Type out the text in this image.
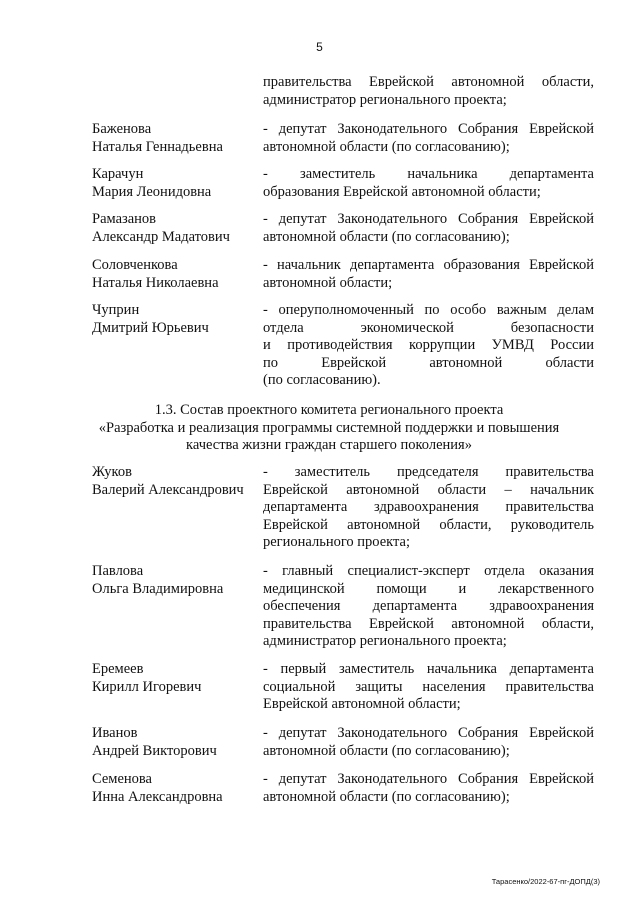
5
правительства Еврейской автономной области,
администратор регионального проекта;
Баженова
Наталья Геннадьевна
- депутат Законодательного Собрания Еврейской
автономной области (по согласованию);
Карачун
Мария Леонидовна
- заместитель начальника департамента
образования Еврейской автономной области;
Рамазанов
Александр Мадатович
- депутат Законодательного Собрания Еврейской
автономной области (по согласованию);
Соловченкова
Наталья Николаевна
- начальник департамента образования Еврейской
автономной области;
Чуприн
Дмитрий Юрьевич
- оперуполномоченный по особо важным делам
отдела экономической безопасности
и противодействия коррупции УМВД России
по Еврейской автономной области
(по согласованию).
1.3. Состав проектного комитета регионального проекта
«Разработка и реализация программы системной поддержки и повышения
качества жизни граждан старшего поколения»
Жуков
Валерий Александрович
- заместитель председателя правительства
Еврейской автономной области – начальник
департамента здравоохранения правительства
Еврейской автономной области, руководитель
регионального проекта;
Павлова
Ольга Владимировна
- главный специалист-эксперт отдела оказания
медицинской помощи и лекарственного
обеспечения департамента здравоохранения
правительства Еврейской автономной области,
администратор регионального проекта;
Еремеев
Кирилл Игоревич
- первый заместитель начальника департамента
социальной защиты населения правительства
Еврейской автономной области;
Иванов
Андрей Викторович
- депутат Законодательного Собрания Еврейской
автономной области (по согласованию);
Семенова
Инна Александровна
- депутат Законодательного Собрания Еврейской
автономной области (по согласованию);
Тарасенко/2022-67-пг-ДОПД(3)
